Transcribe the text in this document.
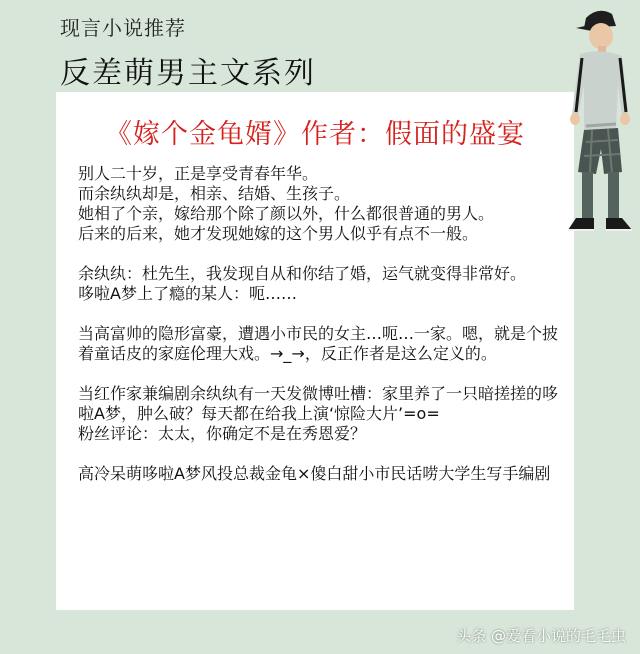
现言小说推荐
反差萌男主文系列
《嫁个金龟婿》作者：假面的盛宴

别人二十岁，正是享受青春年华。
而余纨纨却是，相亲、结婚、生孩子。
她相了个亲，嫁给那个除了颜以外，什么都很普通的男人。
后来的后来，她才发现她嫁的这个男人似乎有点不一般。

余纨纨：杜先生，我发现自从和你结了婚，运气就变得非常好。
哆啦A梦上了瘾的某人：呃……

当高富帅的隐形富豪，遭遇小市民的女主…呃…一家。嗯，就是个披着童话皮的家庭伦理大戏。→_→，反正作者是这么定义的。

当红作家兼编剧余纨纨有一天发微博吐槽：家里养了一只暗搓搓的哆啦A梦，肿么破？每天都在给我上演‘惊险大片’=o=
粉丝评论：太太，你确定不是在秀恩爱？

高冷呆萌哆啦A梦风投总裁金龟×傻白甜小市民话唠大学生写手编剧

头条 @爱看小说的毛毛虫
